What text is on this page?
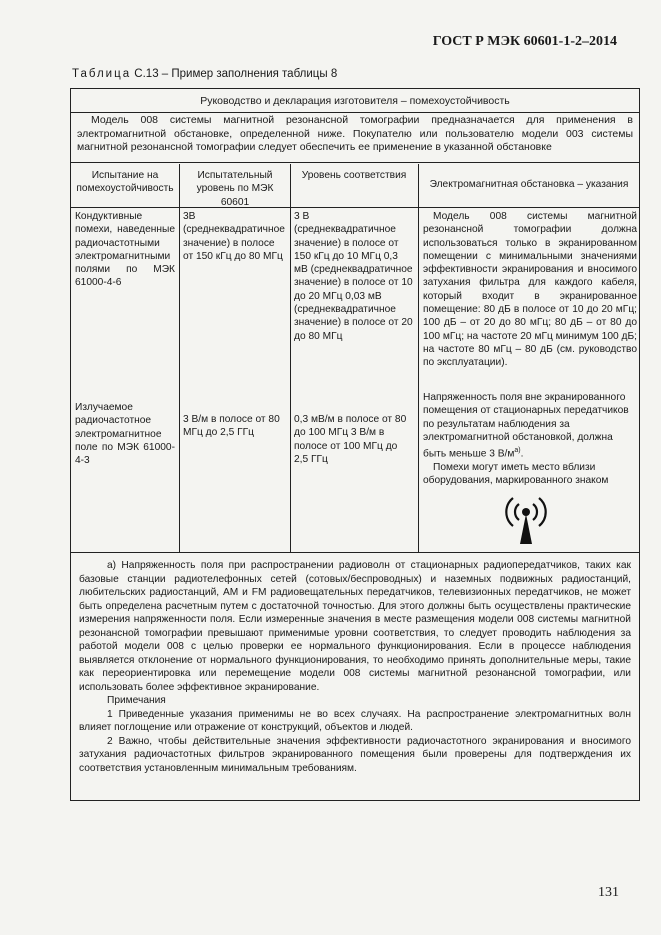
ГОСТ Р МЭК 60601-1-2–2014
Таблица С.13 – Пример заполнения таблицы 8
Руководство и декларация изготовителя – помехоустойчивость
Модель 008 системы магнитной резонансной томографии предназначается для применения в электромагнитной обстановке, определенной ниже. Покупателю или пользователю модели 003 системы магнитной резонансной томографии следует обеспечить ее применение в указанной обстановке
Испытание на помехоустойчивость
Испытательный уровень по МЭК 60601
Уровень соответствия
Электромагнитная обстановка – указания
Кондуктивные помехи, наведенные радиочастотными электромагнитными полями по МЭК 61000-4-6
3В (среднеквадратичное значение) в полосе от 150 кГц до 80 МГц
3 В (среднеквадратичное значение) в полосе от 150 кГц до 10 МГц 0,3 мВ (среднеквадратичное значение) в полосе от 10 до 20 МГц 0,03 мВ (среднеквадратичное значение) в полосе от 20 до 80 МГц
Модель 008 системы магнитной резонансной томографии должна использоваться только в экранированном помещении с минимальными значениями эффективности экранирования и вносимого затухания фильтра для каждого кабеля, который входит в экранированное помещение: 80 дБ в полосе от 10 до 20 мГц; 100 дБ – от 20 до 80 мГц; 80 дБ – от 80 до 100 мГц; на частоте 20 мГц минимум 100 дБ; на частоте 80 мГц – 80 дБ (см. руководство по эксплуатации).
Излучаемое радиочастотное электромагнитное поле по МЭК 61000-4-3
3 В/м в полосе от 80 МГц до 2,5 ГГц
0,3 мВ/м в полосе от 80 до 100 МГц 3 В/м в полосе от 100 МГц до 2,5 ГГц
Напряженность поля вне экранированного помещения от стационарных передатчиков по результатам наблюдения за электромагнитной обстановкой, должна быть меньше 3 $В/м^{a)}$.
Помехи могут иметь место вблизи оборудования, маркированного знаком

a) Напряженность поля при распространении радиоволн от стационарных радиопередатчиков, таких как базовые станции радиотелефонных сетей (сотовых/беспроводных) и наземных подвижных радиостанций, любительских радиостанций, АМ и FM радиовещательных передатчиков, телевизионных передатчиков, не может быть определена расчетным путем с достаточной точностью. Для этого должны быть осуществлены практические измерения напряженности поля. Если измеренные значения в месте размещения модели 008 системы магнитной резонансной томографии превышают применимые уровни соответствия, то следует проводить наблюдения за работой модели 008 с целью проверки ее нормального функционирования. Если в процессе наблюдения выявляется отклонение от нормального функционирования, то необходимо принять дополнительные меры, такие как переориентировка или перемещение модели 008 системы магнитной резонансной томографии, или использовать более эффективное экранирование.

Примечания

1 Приведенные указания применимы не во всех случаях. На распространение электромагнитных волн влияет поглощение или отражение от конструкций, объектов и людей.

2 Важно, чтобы действительные значения эффективности радиочастотного экранирования и вносимого затухания радиочастотных фильтров экранированного помещения были проверены для подтверждения их соответствия установленным минимальным требованиям.

131
